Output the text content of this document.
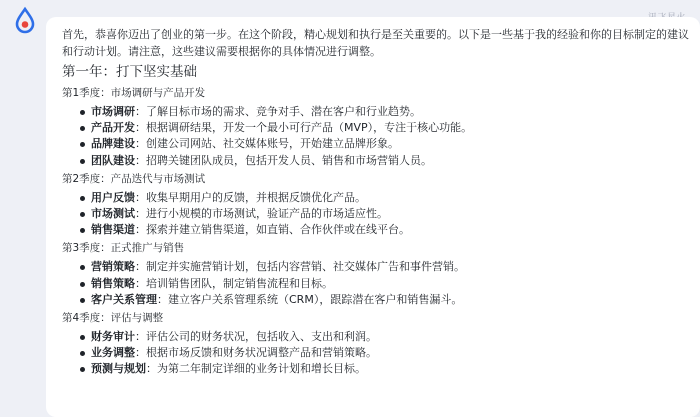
首先，恭喜你迈出了创业的第一步。在这个阶段，精心规划和执行是至关重要的。以下是一些基于我的经验和你的目标制定的建议和行动计划。请注意，这些建议需要根据你的具体情况进行调整。
第一年：打下坚实基础
第1季度：市场调研与产品开发
市场调研：了解目标市场的需求、竞争对手、潜在客户和行业趋势。
产品开发：根据调研结果，开发一个最小可行产品（MVP），专注于核心功能。
品牌建设：创建公司网站、社交媒体账号，开始建立品牌形象。
团队建设：招聘关键团队成员，包括开发人员、销售和市场营销人员。
第2季度：产品迭代与市场测试
用户反馈：收集早期用户的反馈，并根据反馈优化产品。
市场测试：进行小规模的市场测试，验证产品的市场适应性。
销售渠道：探索并建立销售渠道，如直销、合作伙伴或在线平台。
第3季度：正式推广与销售
营销策略：制定并实施营销计划，包括内容营销、社交媒体广告和事件营销。
销售策略：培训销售团队，制定销售流程和目标。
客户关系管理：建立客户关系管理系统（CRM），跟踪潜在客户和销售漏斗。
第4季度：评估与调整
财务审计：评估公司的财务状况，包括收入、支出和利润。
业务调整：根据市场反馈和财务状况调整产品和营销策略。
预测与规划：为第二年制定详细的业务计划和增长目标。
